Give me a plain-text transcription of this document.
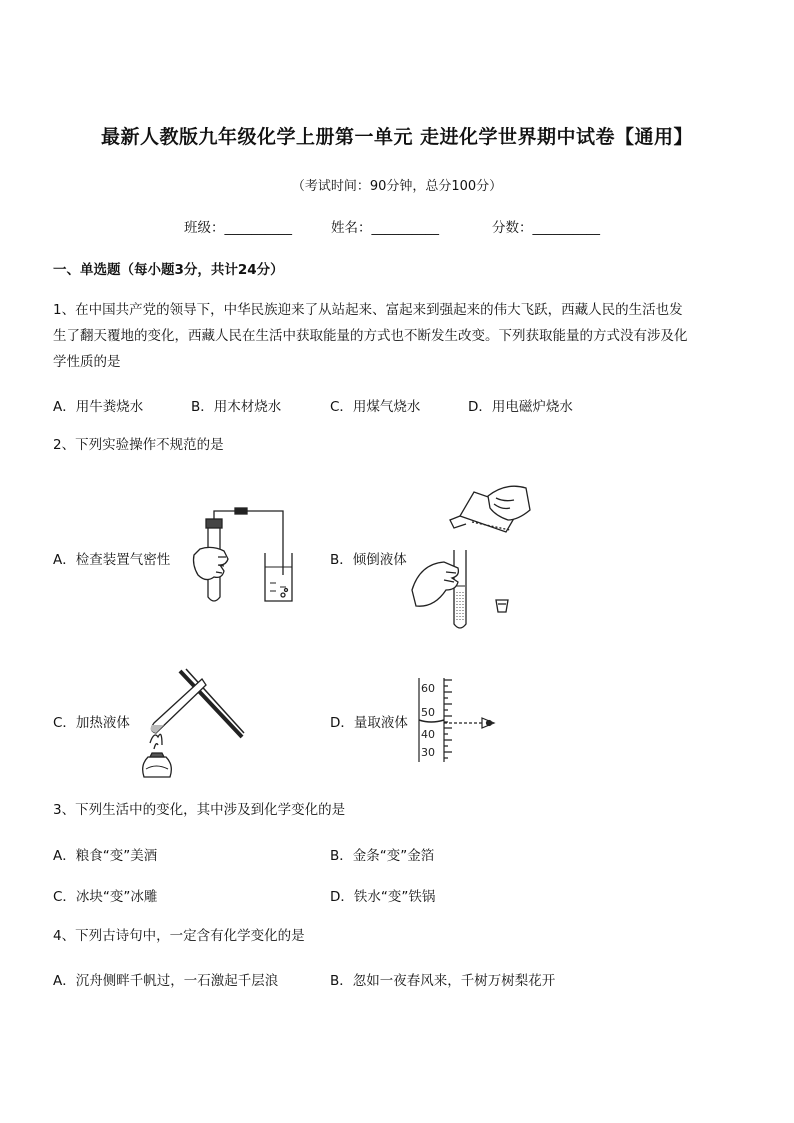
最新人教版九年级化学上册第一单元 走进化学世界期中试卷【通用】
（考试时间：90分钟，总分100分）
班级：__________	姓名：__________	分数：__________
一、单选题（每小题3分，共计24分）
1、在中国共产党的领导下，中华民族迎来了从站起来、富起来到强起来的伟大飞跃，西藏人民的生活也发
生了翻天覆地的变化，西藏人民在生活中获取能量的方式也不断发生改变。下列获取能量的方式没有涉及化
学性质的是
A．用牛粪烧水	B．用木材烧水	C．用煤气烧水	D．用电磁炉烧水
2、下列实验操作不规范的是
A．检查装置气密性	B．倾倒液体
C．加热液体	D．量取液体
60
50
40
30
3、下列生活中的变化，其中涉及到化学变化的是
A．粮食“变”美酒	B．金条“变”金箔
C．冰块“变”冰雕	D．铁水“变”铁锅
4、下列古诗句中，一定含有化学变化的是
A．沉舟侧畔千帆过，一石激起千层浪	B．忽如一夜春风来，千树万树梨花开
